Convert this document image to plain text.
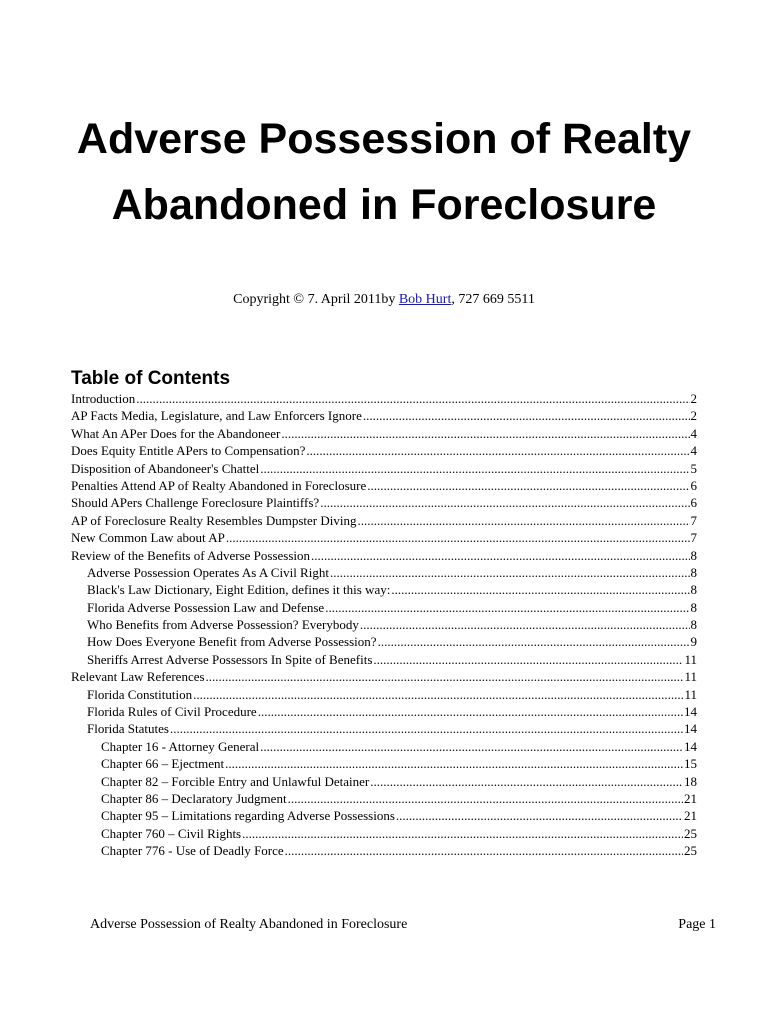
Adverse Possession of Realty Abandoned in Foreclosure
Copyright © 7. April 2011by Bob Hurt, 727 669 5511
Table of Contents
Introduction .....	2
AP Facts Media, Legislature, and Law Enforcers Ignore .....	2
What An APer Does for the Abandoneer .....	4
Does Equity Entitle APers to Compensation? .....	4
Disposition of Abandoneer's Chattel .....	5
Penalties Attend AP of Realty Abandoned in Foreclosure .....	6
Should APers Challenge Foreclosure Plaintiffs? .....	6
AP of Foreclosure Realty Resembles Dumpster Diving .....	7
New Common Law about AP .....	7
Review of the Benefits of Adverse Possession .....	8
Adverse Possession Operates As A Civil Right .....	8
Black's Law Dictionary, Eight Edition, defines it this way: .....	8
Florida Adverse Possession Law and Defense .....	8
Who Benefits from Adverse Possession? Everybody .....	8
How Does Everyone Benefit from Adverse Possession? .....	9
Sheriffs Arrest Adverse Possessors In Spite of Benefits .....	11
Relevant Law References .....	11
Florida Constitution .....	11
Florida Rules of Civil Procedure .....	14
Florida Statutes .....	14
Chapter 16 - Attorney General .....	14
Chapter 66 – Ejectment .....	15
Chapter 82 – Forcible Entry and Unlawful Detainer .....	18
Chapter 86 – Declaratory Judgment .....	21
Chapter 95 – Limitations regarding Adverse Possessions .....	21
Chapter 760 – Civil Rights .....	25
Chapter 776 - Use of Deadly Force .....	25
Adverse Possession of Realty Abandoned in Foreclosure	Page 1
